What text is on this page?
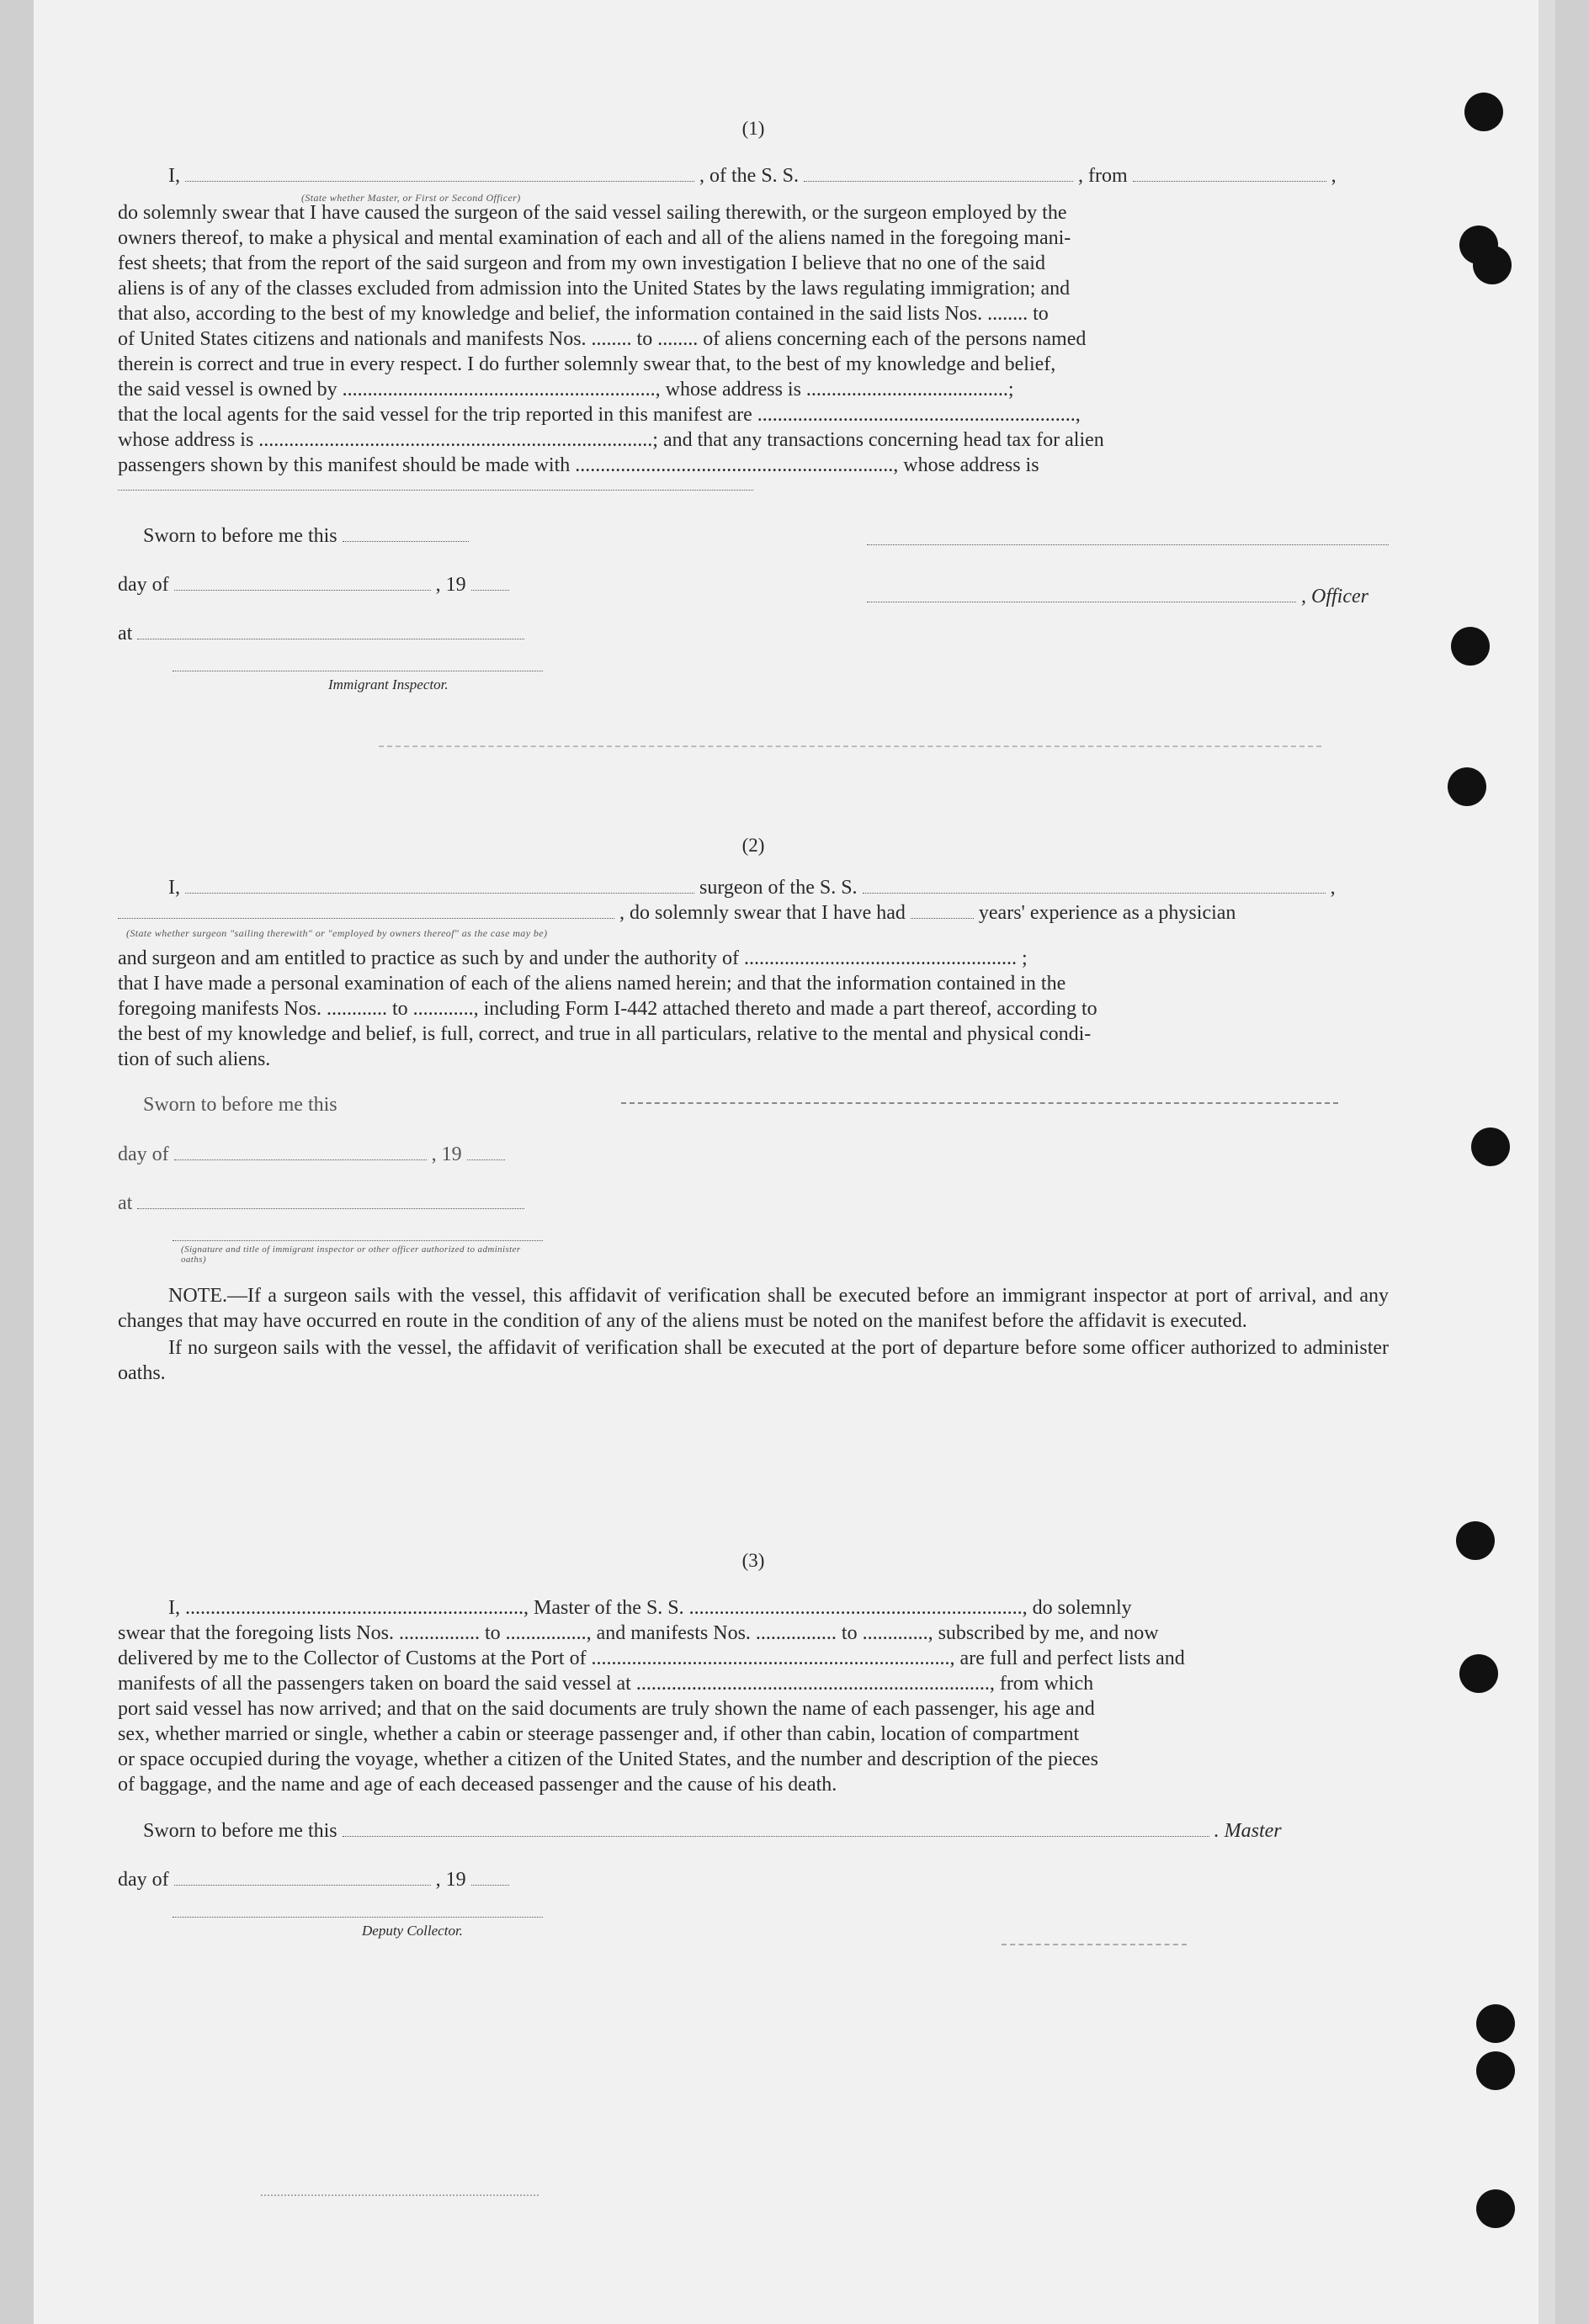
(1)

I,	, of the S. S.	, from	,
(State whether Master, or First or Second Officer)

do solemnly swear that I have caused the surgeon of the said vessel sailing therewith, or the surgeon employed by the

owners thereof, to make a physical and mental examination of each and all of the aliens named in the foregoing mani-

fest sheets; that from the report of the said surgeon and from my own investigation I believe that no one of the said

aliens is of any of the classes excluded from admission into the United States by the laws regulating immigration; and

that also, according to the best of my knowledge and belief, the information contained in the said lists Nos. ........ to

of United States citizens and nationals and manifests Nos. ........ to ........ of aliens concerning each of the persons named

therein is correct and true in every respect. I do further solemnly swear that, to the best of my knowledge and belief,

the said vessel is owned by .............................................................., whose address is ........................................;

that the local agents for the said vessel for the trip reported in this manifest are ...............................................................,

whose address is ..............................................................................; and that any transactions concerning head tax for alien

passengers shown by this manifest should be made with ..............................................................., whose address is

Sworn to before me this
day of	, 19
, Officer
at
Immigrant Inspector.

(2)

I,	surgeon of the S. S.	,
, do solemnly swear that I have had	years' experience as a physician
(State whether surgeon "sailing therewith" or "employed by owners thereof" as the case may be)

and surgeon and am entitled to practice as such by and under the authority of ...................................................... ;

that I have made a personal examination of each of the aliens named herein; and that the information contained in the

foregoing manifests Nos. ............ to ............, including Form I-442 attached thereto and made a part thereof, according to

the best of my knowledge and belief, is full, correct, and true in all particulars, relative to the mental and physical condi-

tion of such aliens.

Sworn to before me this
day of	, 19
at
(Signature and title of immigrant inspector or other officer authorized to administer oaths)

NOTE.—If a surgeon sails with the vessel, this affidavit of verification shall be executed before an immigrant inspector at port of arrival, and any changes that may have occurred en route in the condition of any of the aliens must be noted on the manifest before the affidavit is executed.

If no surgeon sails with the vessel, the affidavit of verification shall be executed at the port of departure before some officer authorized to administer oaths.

(3)

I, ..................................................................., Master of the S. S. .................................................................., do solemnly

swear that the foregoing lists Nos. ................ to ................, and manifests Nos. ................ to ............., subscribed by me, and now

delivered by me to the Collector of Customs at the Port of ......................................................................., are full and perfect lists and

manifests of all the passengers taken on board the said vessel at ......................................................................, from which

port said vessel has now arrived; and that on the said documents are truly shown the name of each passenger, his age and

sex, whether married or single, whether a cabin or steerage passenger and, if other than cabin, location of compartment

or space occupied during the voyage, whether a citizen of the United States, and the number and description of the pieces

of baggage, and the name and age of each deceased passenger and the cause of his death.

Sworn to before me this	. Master
day of	, 19
Deputy Collector.
